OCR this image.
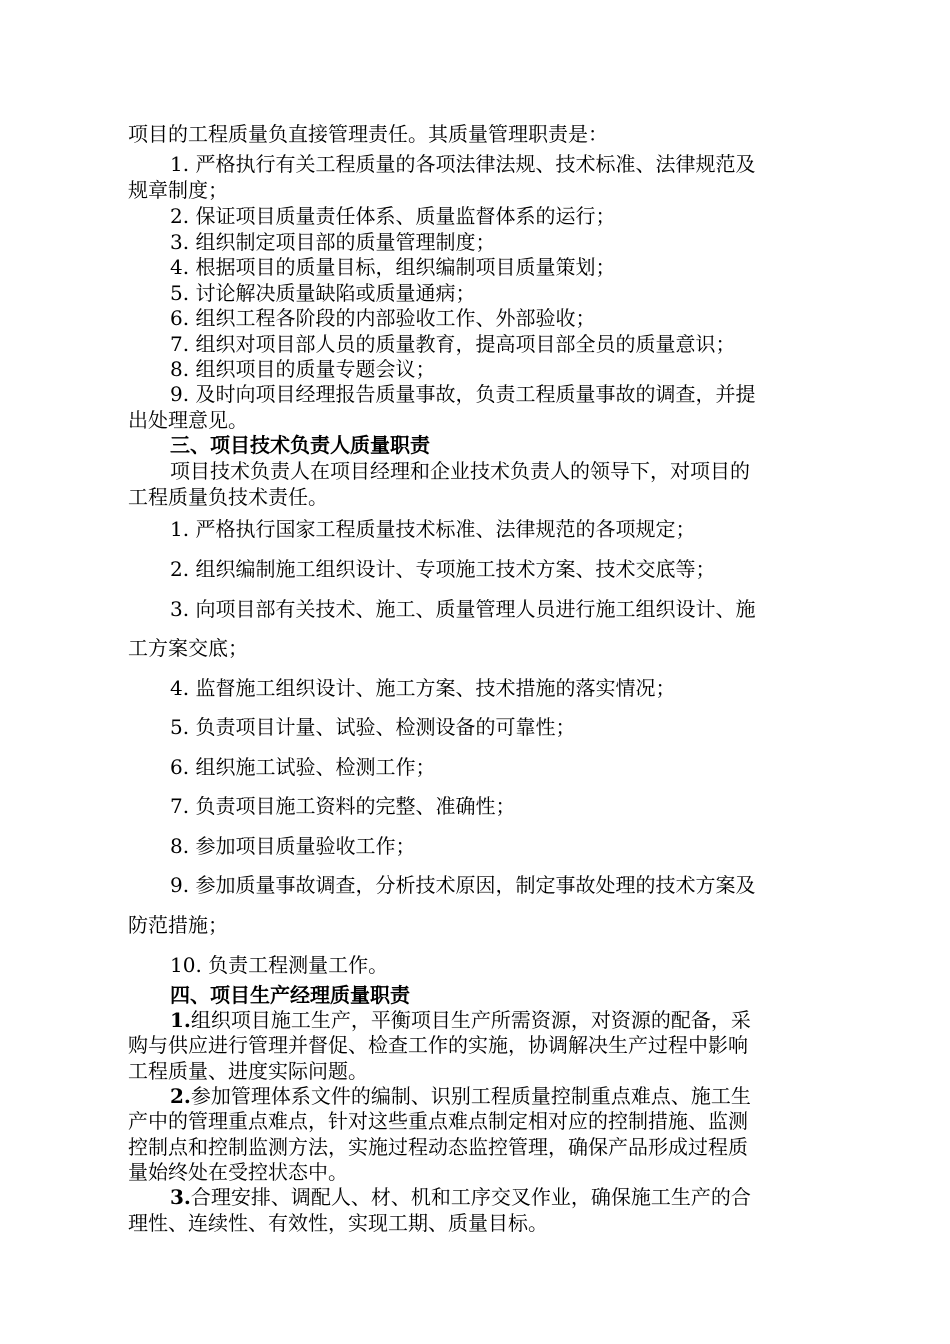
项目的工程质量负直接管理责任。其质量管理职责是：
1. 严格执行有关工程质量的各项法律法规、技术标准、法律规范及
规章制度；
2. 保证项目质量责任体系、质量监督体系的运行；
3. 组织制定项目部的质量管理制度；
4. 根据项目的质量目标，组织编制项目质量策划；
5. 讨论解决质量缺陷或质量通病；
6. 组织工程各阶段的内部验收工作、外部验收；
7. 组织对项目部人员的质量教育，提高项目部全员的质量意识；
8. 组织项目的质量专题会议；
9. 及时向项目经理报告质量事故，负责工程质量事故的调查，并提
出处理意见。
三、项目技术负责人质量职责
项目技术负责人在项目经理和企业技术负责人的领导下，对项目的
工程质量负技术责任。
1. 严格执行国家工程质量技术标准、法律规范的各项规定；
2. 组织编制施工组织设计、专项施工技术方案、技术交底等；
3. 向项目部有关技术、施工、质量管理人员进行施工组织设计、施
工方案交底；
4. 监督施工组织设计、施工方案、技术措施的落实情况；
5. 负责项目计量、试验、检测设备的可靠性；
6. 组织施工试验、检测工作；
7. 负责项目施工资料的完整、准确性；
8. 参加项目质量验收工作；
9. 参加质量事故调查，分析技术原因，制定事故处理的技术方案及
防范措施；
10. 负责工程测量工作。
四、项目生产经理质量职责
1.组织项目施工生产，平衡项目生产所需资源，对资源的配备，采
购与供应进行管理并督促、检查工作的实施，协调解决生产过程中影响
工程质量、进度实际问题。
2.参加管理体系文件的编制、识别工程质量控制重点难点、施工生
产中的管理重点难点，针对这些重点难点制定相对应的控制措施、监测
控制点和控制监测方法，实施过程动态监控管理，确保产品形成过程质
量始终处在受控状态中。
3.合理安排、调配人、材、机和工序交叉作业，确保施工生产的合
理性、连续性、有效性，实现工期、质量目标。
